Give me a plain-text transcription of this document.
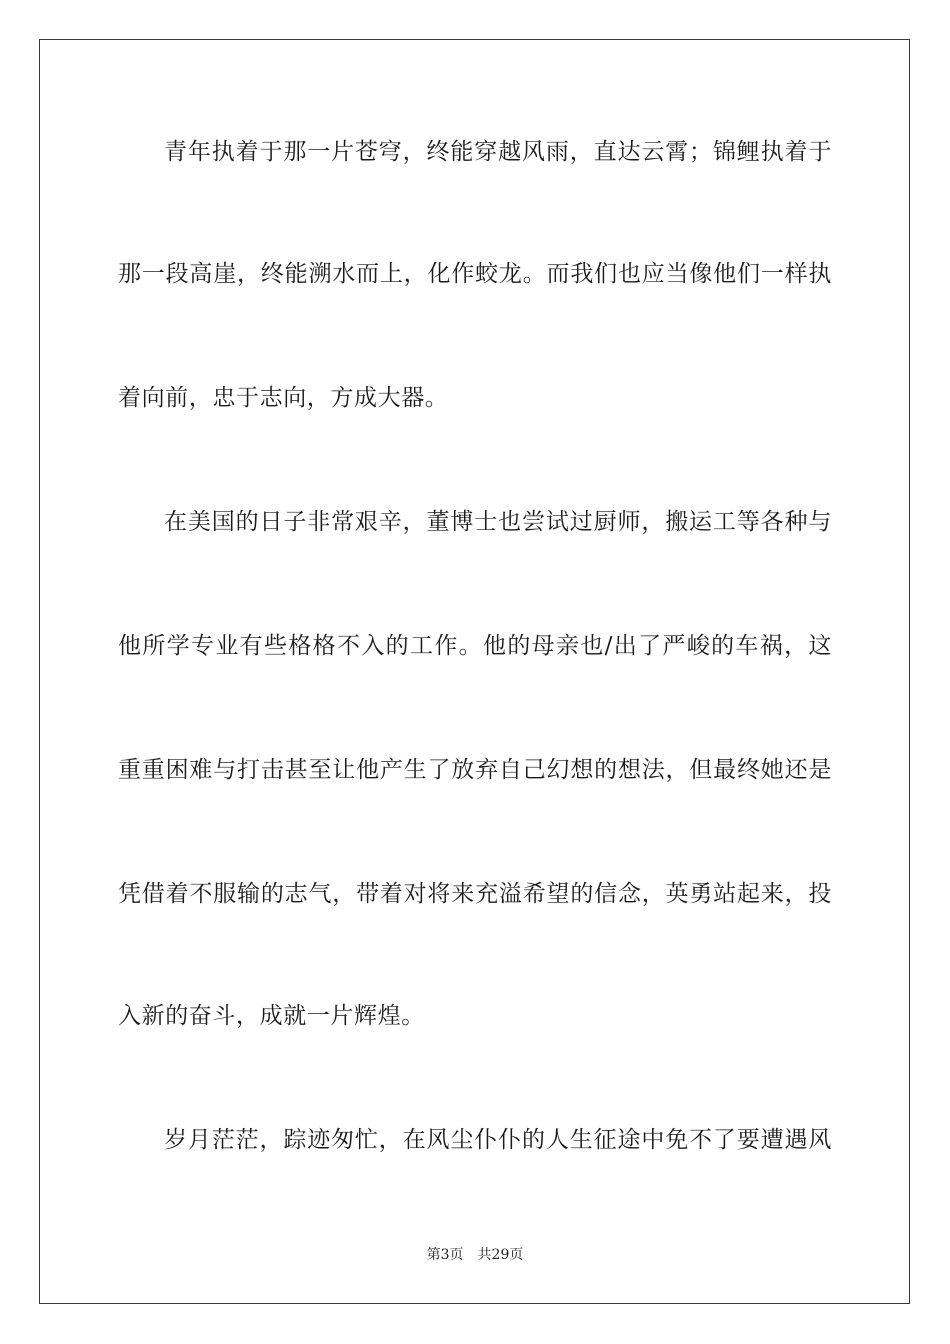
青年执着于那一片苍穹，终能穿越风雨，直达云霄；锦鲤执着于
那一段高崖，终能溯水而上，化作蛟龙。而我们也应当像他们一样执
着向前，忠于志向，方成大器。
在美国的日子非常艰辛，董博士也尝试过厨师，搬运工等各种与
他所学专业有些格格不入的工作。他的母亲也/出了严峻的车祸，这
重重困难与打击甚至让他产生了放弃自己幻想的想法，但最终她还是
凭借着不服输的志气，带着对将来充溢希望的信念，英勇站起来，投
入新的奋斗，成就一片辉煌。
岁月茫茫，踪迹匆忙，在风尘仆仆的人生征途中免不了要遭遇风
第3页 共29页
